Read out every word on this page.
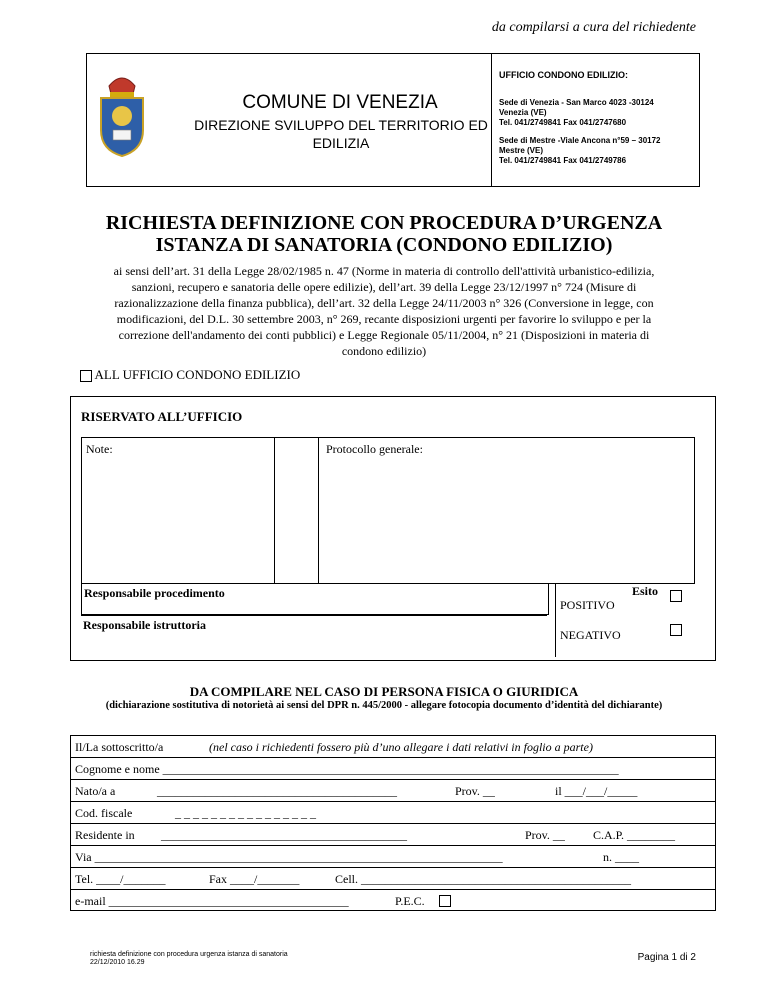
da compilarsi a cura del richiedente
COMUNE DI VENEZIA
DIREZIONE SVILUPPO DEL TERRITORIO ED
EDILIZIA
UFFICIO CONDONO EDILIZIO:
Sede di Venezia - San Marco 4023 -30124
Venezia (VE)
Tel. 041/2749841 Fax 041/2747680
Sede di Mestre -Viale Ancona n°59 – 30172
Mestre (VE)
Tel. 041/2749841 Fax 041/2749786
RICHIESTA DEFINIZIONE CON PROCEDURA D’URGENZA
ISTANZA DI SANATORIA (CONDONO EDILIZIO)
ai sensi dell’art. 31 della Legge 28/02/1985 n. 47 (Norme in materia di controllo dell'attività urbanistico-edilizia,
sanzioni, recupero e sanatoria delle opere edilizie), dell’art. 39 della Legge 23/12/1997 n° 724 (Misure di
razionalizzazione della finanza pubblica), dell’art. 32 della Legge 24/11/2003 n° 326 (Conversione in legge, con
modificazioni, del D.L. 30 settembre 2003, n° 269, recante disposizioni urgenti per favorire lo sviluppo e per la
correzione dell'andamento dei conti pubblici) e Legge Regionale 05/11/2004, n° 21 (Disposizioni in materia di
condono edilizio)
ALL UFFICIO CONDONO EDILIZIO
RISERVATO ALL’UFFICIO
Note:	Protocollo generale:
Responsabile procedimento
Responsabile istruttoria
Esito
POSITIVO
NEGATIVO
DA COMPILARE NEL CASO DI PERSONA FISICA O GIURIDICA
(dichiarazione sostitutiva di notorietà ai sensi del DPR n. 445/2000 - allegare fotocopia documento d’identità del dichiarante)
Il/La sottoscritto/a	(nel caso i richiedenti fossero più d’uno allegare i dati relativi in foglio a parte)
Cognome e nome ____________________________________________________________________________
Nato/a a	________________________________________	Prov. __	il ___/___/_____
Cod. fiscale	_ _ _ _ _ _ _ _ _ _ _ _ _ _ _ _
Residente in _________________________________________	Prov. __ C.A.P. ________
Via ____________________________________________________________________	n. ____
Tel. ____/_______	Fax ____/_______	Cell. _____________________________________________
e-mail ________________________________________	P.E.C.
richiesta definizione con procedura urgenza istanza di sanatoria
22/12/2010 16.29	Pagina 1 di 2
